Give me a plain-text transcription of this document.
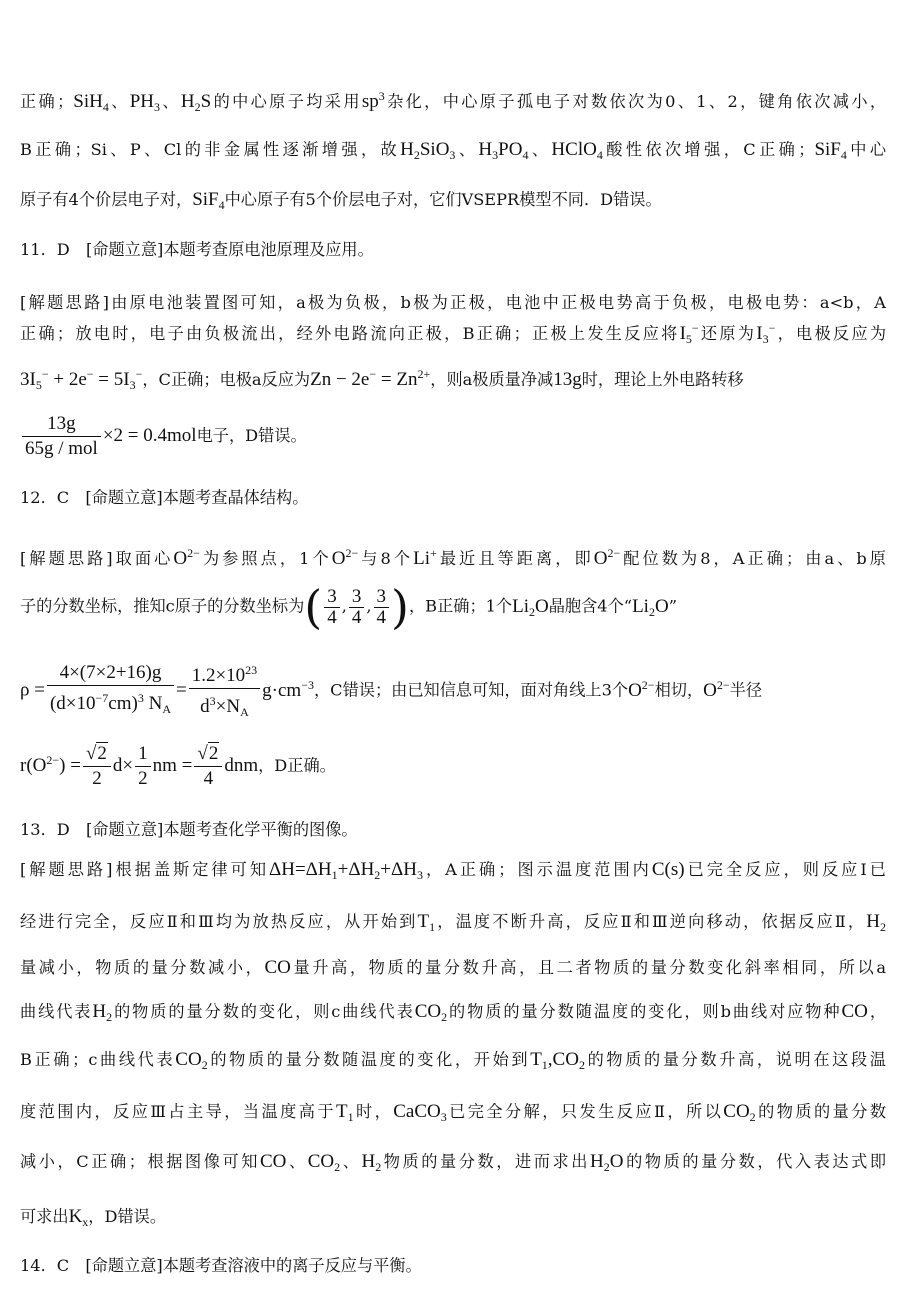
正确；SiH$_4$、$PH_3$、$H_2S$的中心原子均采用$sp^3$杂化，中心原子孤电子对数依次为0、1、2，键角依次减小，
B正确；Si、P、Cl的非金属性逐渐增强，故$H_2SiO_3$、$H_3PO_4$、HClO$_4$酸性依次增强，C正确；SiF$_4$中心
原子有4个价层电子对，SiF$_4$中心原子有5个价层电子对，它们VSEPR模型不同．D错误。
11．D　[命题立意]本题考查原电池原理及应用。
[解题思路]由原电池装置图可知，a极为负极，b极为正极，电池中正极电势高于负极，电极电势：a<b，A
正确；放电时，电子由负极流出，经外电路流向正极，B正确；正极上发生反应将$I_5^-$还原为$I_3^-$，电极反应为
$3I_5^- + 2e^- = 5I_3^-$，C正确；电极a反应为$Zn - 2e^- = Zn^{2+}$，则a极质量净减13g时，理论上外电路转移
$\frac{13g}{\text{65g / mol}} \times 2 = 0.4mol$电子，D错误。
12．C　[命题立意]本题考查晶体结构。
[解题思路]取面心$O^{2-}$为参照点，1个$O^{2-}$与8个Li+最近且等距离，即$O^{2-}$配位数为8，A正确；由a、b原
子的分数坐标，推知c原子的分数坐标为( $\frac{3}{4}$ , $\frac{3}{4}$ , $\frac{3}{4}$ )，B正确；1个$Li_2O$晶胞含4个“$Li_2O$”
$\rho = \frac{4\times(7\times 2+16)g}{(d\times 10^{-7}cm)^3 N_A} = \frac{1.2\times 10^{23}}{d^3\times N_A} g\cdot cm^{-3}$，C错误；由已知信息可知，面对角线上3个$O^{2-}$相切，$O^{2-}$半径
$r(O^{2-}) = \frac{√2}{2} d\times \frac{1}{2}$ nm = $\frac{√2}{4}$ dnm，D正确。
13．D　[命题立意]本题考查化学平衡的图像。
[解题思路]根据盖斯定律可知$\Delta H=\Delta H_1+\Delta H_2+\Delta H_3$，A正确；图示温度范围内C(s)已完全反应，则反应Ⅰ已
经进行完全，反应Ⅱ和Ⅲ均为放热反应，从开始到$T_1$，温度不断升高，反应Ⅱ和Ⅲ逆向移动，依据反应Ⅱ，$H_2$
量减小，物质的量分数减小，CO量升高，物质的量分数升高，且二者物质的量分数变化斜率相同，所以a
曲线代表$H_2$的物质的量分数的变化，则c曲线代表$CO_2$的物质的量分数随温度的变化，则b曲线对应物种CO，
B正确；c曲线代表$CO_2$的物质的量分数随温度的变化，开始到$T_1,CO_2$的物质的量分数升高，说明在这段温
度范围内，反应Ⅲ占主导，当温度高于$T_1$时，CaCO$_3$已完全分解，只发生反应Ⅱ，所以$CO_2$的物质的量分数
减小，C正确；根据图像可知CO、$CO_2$、$H_2$物质的量分数，进而求出$H_2O$的物质的量分数，代入表达式即
可求出$K_x$，D错误。
14．C　[命题立意]本题考查溶液中的离子反应与平衡。
